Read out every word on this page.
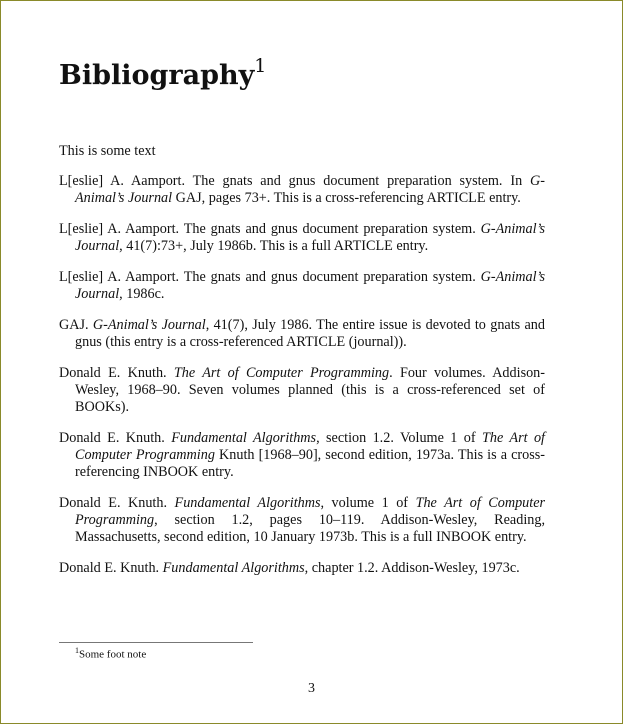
Bibliography$^1$

This is some text

L[eslie] A. Aamport. The gnats and gnus document preparation system. In G-Animal’s Journal GAJ, pages 73+. This is a cross-referencing ARTICLE entry.
L[eslie] A. Aamport. The gnats and gnus document preparation system. G-Animal’s Journal, 41(7):73+, July 1986b. This is a full ARTICLE entry.
L[eslie] A. Aamport. The gnats and gnus document preparation system. G-Animal’s Journal, 1986c.
GAJ. G-Animal’s Journal, 41(7), July 1986. The entire issue is devoted to gnats and gnus (this entry is a cross-referenced ARTICLE (journal)).
Donald E. Knuth. The Art of Computer Programming. Four volumes. Addison-Wesley, 1968–90. Seven volumes planned (this is a cross-referenced set of BOOKs).
Donald E. Knuth. Fundamental Algorithms, section 1.2. Volume 1 of The Art of Computer Programming Knuth [1968–90], second edition, 1973a. This is a cross-referencing INBOOK entry.
Donald E. Knuth. Fundamental Algorithms, volume 1 of The Art of Computer Programming, section 1.2, pages 10–119. Addison-Wesley, Reading, Massachusetts, second edition, 10 January 1973b. This is a full INBOOK entry.
Donald E. Knuth. Fundamental Algorithms, chapter 1.2. Addison-Wesley, 1973c.
$^1$Some foot note
3
